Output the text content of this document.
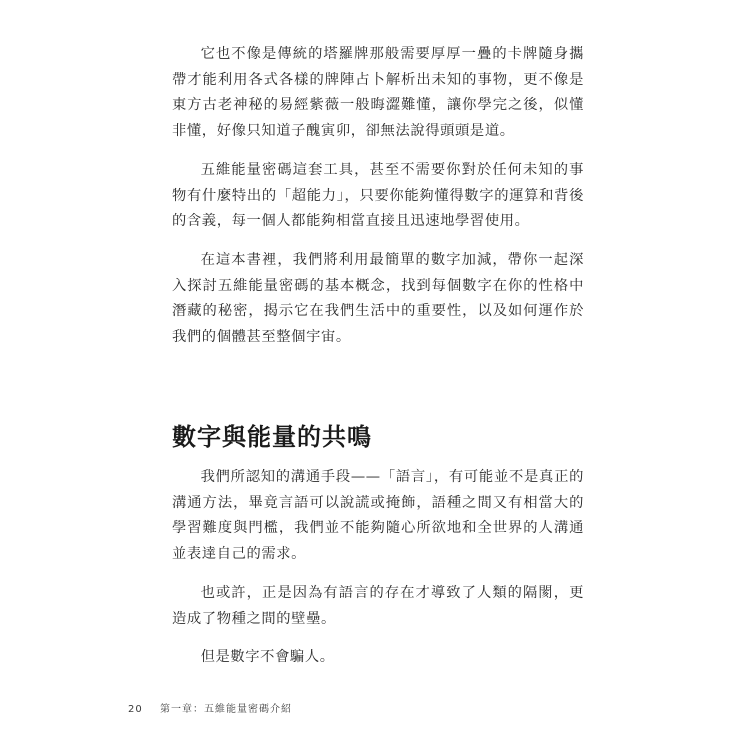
它也不像是傳統的塔羅牌那般需要厚厚一疊的卡牌隨身攜帶才能利用各式各樣的牌陣占卜解析出未知的事物，更不像是東方古老神秘的易經紫薇一般晦澀難懂，讓你學完之後，似懂非懂，好像只知道子醜寅卯，卻無法說得頭頭是道。

五維能量密碼這套工具，甚至不需要你對於任何未知的事物有什麼特出的「超能力」，只要你能夠懂得數字的運算和背後的含義，每一個人都能夠相當直接且迅速地學習使用。

在這本書裡，我們將利用最簡單的數字加減，帶你一起深入探討五維能量密碼的基本概念，找到每個數字在你的性格中潛藏的秘密，揭示它在我們生活中的重要性，以及如何運作於我們的個體甚至整個宇宙。

數字與能量的共鳴

我們所認知的溝通手段——「語言」，有可能並不是真正的溝通方法，畢竟言語可以說謊或掩飾，語種之間又有相當大的學習難度與門檻，我們並不能夠隨心所欲地和全世界的人溝通並表達自己的需求。

也或許，正是因為有語言的存在才導致了人類的隔閡，更造成了物種之間的壁壘。

但是數字不會騙人。

20 第一章：五維能量密碼介紹
